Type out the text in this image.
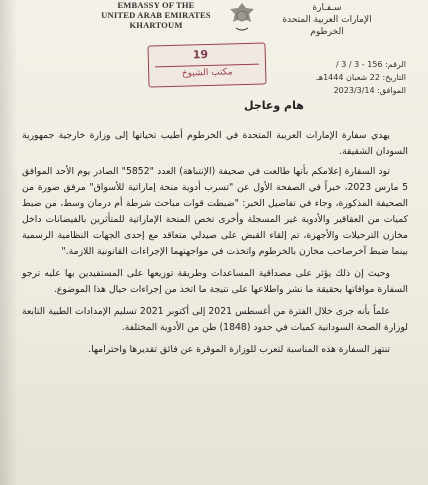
EMBASSY OF THE
UNITED ARAB EMIRATES
KHARTOUM
سـفـارة
الإمارات العربية المتحدة
الخرطوم
19
مكتب الشيوخ
الرقم: 156 - 3 / 3 /
التاريخ: 22 شعبان 1444هـ
الموافق: 2023/3/14
هام وعاجل

يهدي سفارة الإمارات العربية المتحدة في الخرطوم أطيب تحياتها إلى وزارة خارجية جمهورية السودان الشقيقة.

تود السفارة إعلامكم بأنها طالعت في صحيفة (الإنتباهة) العدد "5852" الصادر يوم الأحد الموافق 5 مارس 2023، خبراً في الصفحة الأول عن "تسرب أدوية منحة إماراتية للأسواق" مرفق صورة من الصحيفة المذكورة، وجاء في تفاصيل الخبر: "ضبطت قوات مباحث شرطة أم درمان وسط، من ضبط كميات من العقاقير والأدوية غير المسجلة وأخرى تخص المنحة الإماراتية للمتأثرين بالفيضانات داخل مخازن الترحيلات والأجهزة، تم إلقاء القبض على صيدلي متعاقد مع إحدى الجهات النظامية الرسمية بينما ضبط آخرصاحب مخازن بالخرطوم واتخذت في مواجهتهما الإجراءات القانونية اللازمة."

وحيث إن ذلك يؤثر على مصداقية المساعدات وطريقة توزيعها على المستفيدين بها عليه ترجو السفارة موافاتها بحقيقة ما نشر واطلاعها على نتيجة ما اتخذ من إجراءات حيال هذا الموضوع.

علماً بأنه جرى خلال الفترة من أغسطس 2021 إلى أكتوبر 2021 تسليم الإمدادات الطبية التابعة لوزارة الصحة السودانية كميات في حدود (1848) طن من الأدوية المختلفة.

تنتهز السفارة هذه المناسبة لتعرب للوزارة الموقرة عن فائق تقديرها واحترامها.
